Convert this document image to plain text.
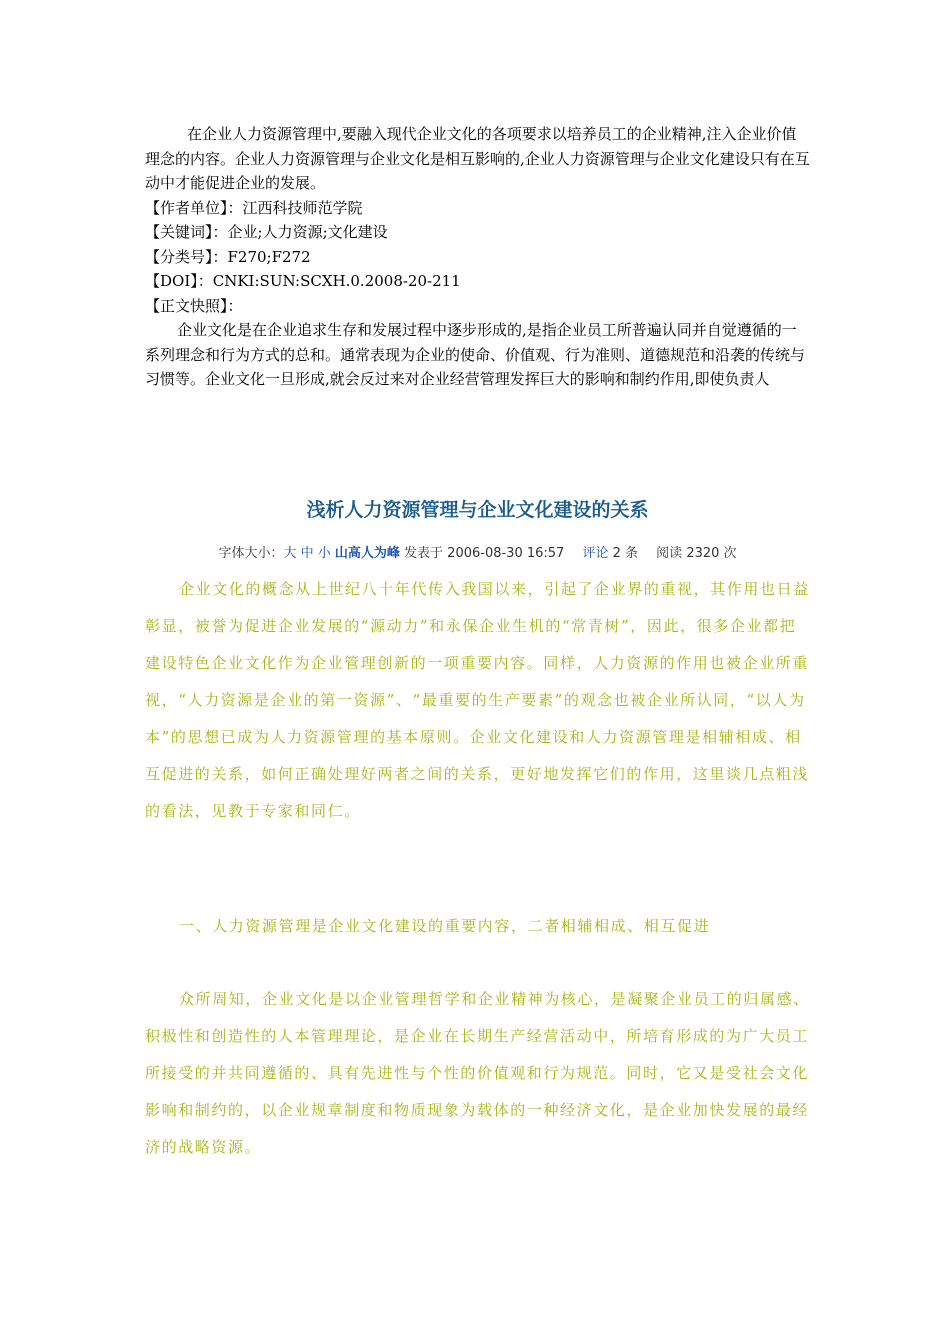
在企业人力资源管理中,要融入现代企业文化的各项要求以培养员工的企业精神,注入企业价值理念的内容。企业人力资源管理与企业文化是相互影响的,企业人力资源管理与企业文化建设只有在互动中才能促进企业的发展。

【作者单位】：江西科技师范学院

【关键词】：企业;人力资源;文化建设

【分类号】：F270;F272

【DOI】：CNKI:SUN:SCXH.0.2008-20-211

【正文快照】：

企业文化是在企业追求生存和发展过程中逐步形成的,是指企业员工所普遍认同并自觉遵循的一系列理念和行为方式的总和。通常表现为企业的使命、价值观、行为准则、道德规范和沿袭的传统与习惯等。企业文化一旦形成,就会反过来对企业经营管理发挥巨大的影响和制约作用,即使负责人

浅析人力资源管理与企业文化建设的关系
字体大小：大 中 小 山高人为峰 发表于 2006-08-30 16:57 评论 2 条 阅读 2320 次

企业文化的概念从上世纪八十年代传入我国以来，引起了企业界的重视，其作用也日益彰显，被誉为促进企业发展的“源动力”和永保企业生机的“常青树”，因此，很多企业都把建设特色企业文化作为企业管理创新的一项重要内容。同样，人力资源的作用也被企业所重视，“人力资源是企业的第一资源”、“最重要的生产要素”的观念也被企业所认同，“以人为本”的思想已成为人力资源管理的基本原则。企业文化建设和人力资源管理是相辅相成、相互促进的关系，如何正确处理好两者之间的关系，更好地发挥它们的作用，这里谈几点粗浅的看法，见教于专家和同仁。

一、人力资源管理是企业文化建设的重要内容，二者相辅相成、相互促进

众所周知，企业文化是以企业管理哲学和企业精神为核心，是凝聚企业员工的归属感、积极性和创造性的人本管理理论，是企业在长期生产经营活动中，所培育形成的为广大员工所接受的并共同遵循的、具有先进性与个性的价值观和行为规范。同时，它又是受社会文化影响和制约的，以企业规章制度和物质现象为载体的一种经济文化，是企业加快发展的最经济的战略资源。
